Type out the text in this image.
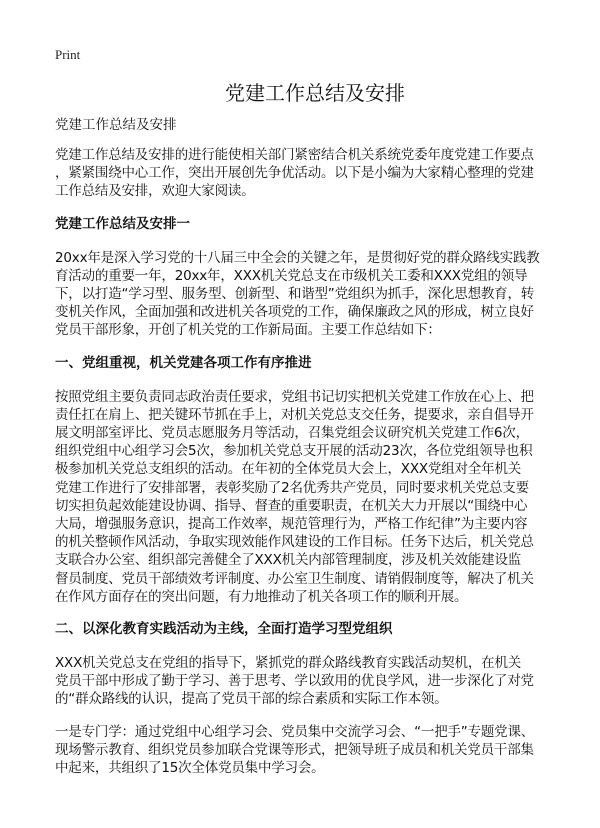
Print
党建工作总结及安排
党建工作总结及安排
党建工作总结及安排的进行能使相关部门紧密结合机关系统党委年度党建工作要点
，紧紧围绕中心工作，突出开展创先争优活动。以下是小编为大家精心整理的党建
工作总结及安排，欢迎大家阅读。
党建工作总结及安排一
20xx年是深入学习党的十八届三中全会的关键之年，是贯彻好党的群众路线实践教
育活动的重要一年，20xx年，XXX机关党总支在市级机关工委和XXX党组的领导
下，以打造“学习型、服务型、创新型、和谐型”党组织为抓手，深化思想教育，转
变机关作风，全面加强和改进机关各项党的工作，确保廉政之风的形成，树立良好
党员干部形象，开创了机关党的工作新局面。主要工作总结如下：
一、党组重视，机关党建各项工作有序推进
按照党组主要负责同志政治责任要求，党组书记切实把机关党建工作放在心上、把
责任扛在肩上、把关键环节抓在手上，对机关党总支交任务，提要求，亲自倡导开
展文明部室评比、党员志愿服务月等活动，召集党组会议研究机关党建工作6次，
组织党组中心组学习会5次，参加机关党总支开展的活动23次，各位党组领导也积
极参加机关党总支组织的活动。在年初的全体党员大会上，XXX党组对全年机关
党建工作进行了安排部署，表彰奖励了2名优秀共产党员，同时要求机关党总支要
切实担负起效能建设协调、指导、督查的重要职责，在机关大力开展以“围绕中心
大局，增强服务意识，提高工作效率，规范管理行为，严格工作纪律”为主要内容
的机关整顿作风活动，争取实现效能作风建设的工作目标。任务下达后，机关党总
支联合办公室、组织部完善健全了XXX机关内部管理制度，涉及机关效能建设监
督员制度、党员干部绩效考评制度、办公室卫生制度、请销假制度等，解决了机关
在作风方面存在的突出问题，有力地推动了机关各项工作的顺利开展。
二、以深化教育实践活动为主线，全面打造学习型党组织
XXX机关党总支在党组的指导下，紧抓党的群众路线教育实践活动契机，在机关
党员干部中形成了勤于学习、善于思考、学以致用的优良学风，进一步深化了对党
的“群众路线的认识，提高了党员干部的综合素质和实际工作本领。
一是专门学：通过党组中心组学习会、党员集中交流学习会、“一把手”专题党课、
现场警示教育、组织党员参加联合党课等形式，把领导班子成员和机关党员干部集
中起来，共组织了15次全体党员集中学习会。
